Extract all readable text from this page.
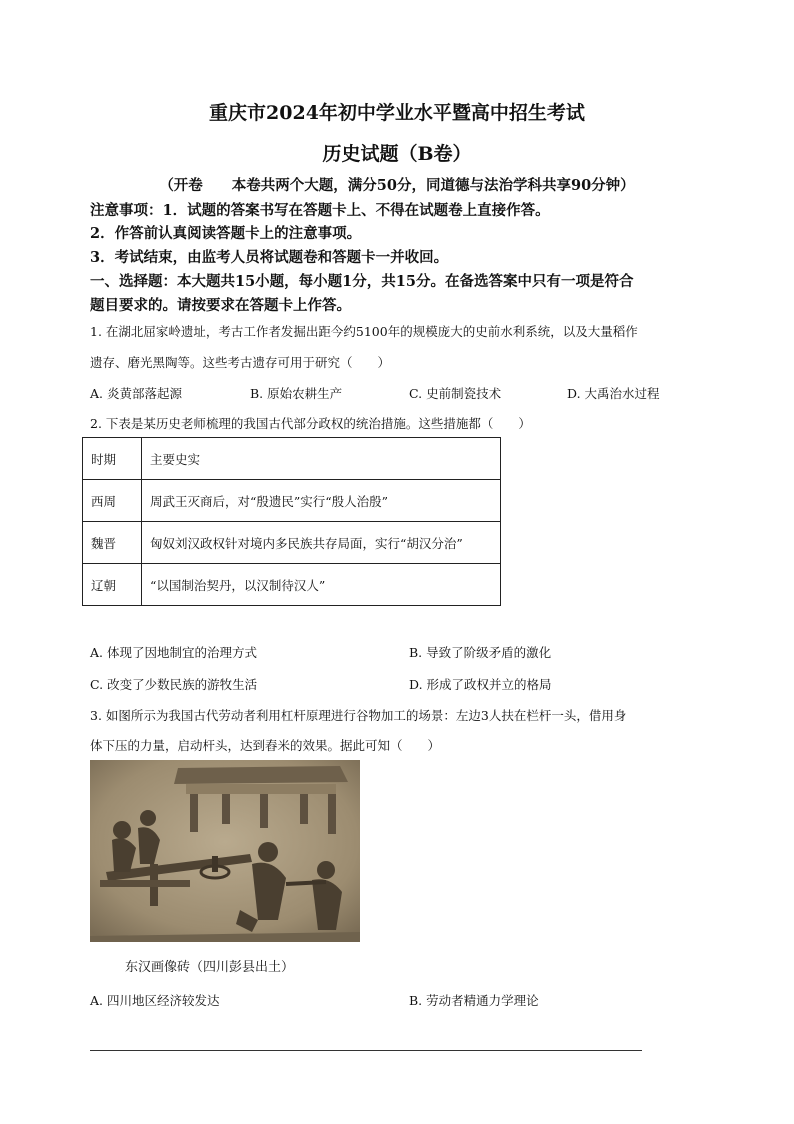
重庆市2024年初中学业水平暨高中招生考试
历史试题（B卷）
（开卷　　本卷共两个大题，满分50分，同道德与法治学科共享90分钟）
注意事项：1．试题的答案书写在答题卡上、不得在试题卷上直接作答。
2．作答前认真阅读答题卡上的注意事项。
3．考试结束，由监考人员将试题卷和答题卡一并收回。
一、选择题：本大题共15小题，每小题1分，共15分。在备选答案中只有一项是符合
题目要求的。请按要求在答题卡上作答。
1. 在湖北屈家岭遗址，考古工作者发掘出距今约5100年的规模庞大的史前水利系统，以及大量稻作
遗存、磨光黑陶等。这些考古遗存可用于研究（　　）
A. 炎黄部落起源	B. 原始农耕生产	C. 史前制瓷技术	D. 大禹治水过程
2. 下表是某历史老师梳理的我国古代部分政权的统治措施。这些措施都（　　）
时期	主要史实
西周	周武王灭商后，对“殷遗民”实行“殷人治殷”
魏晋	匈奴刘汉政权针对境内多民族共存局面，实行“胡汉分治”
辽朝	“以国制治契丹，以汉制待汉人”
A. 体现了因地制宜的治理方式	B. 导致了阶级矛盾的激化
C. 改变了少数民族的游牧生活	D. 形成了政权并立的格局
3. 如图所示为我国古代劳动者利用杠杆原理进行谷物加工的场景：左边3人扶在栏杆一头，借用身
体下压的力量，启动杆头，达到舂米的效果。据此可知（　　）
东汉画像砖（四川彭县出土）
A. 四川地区经济较发达	B. 劳动者精通力学理论
